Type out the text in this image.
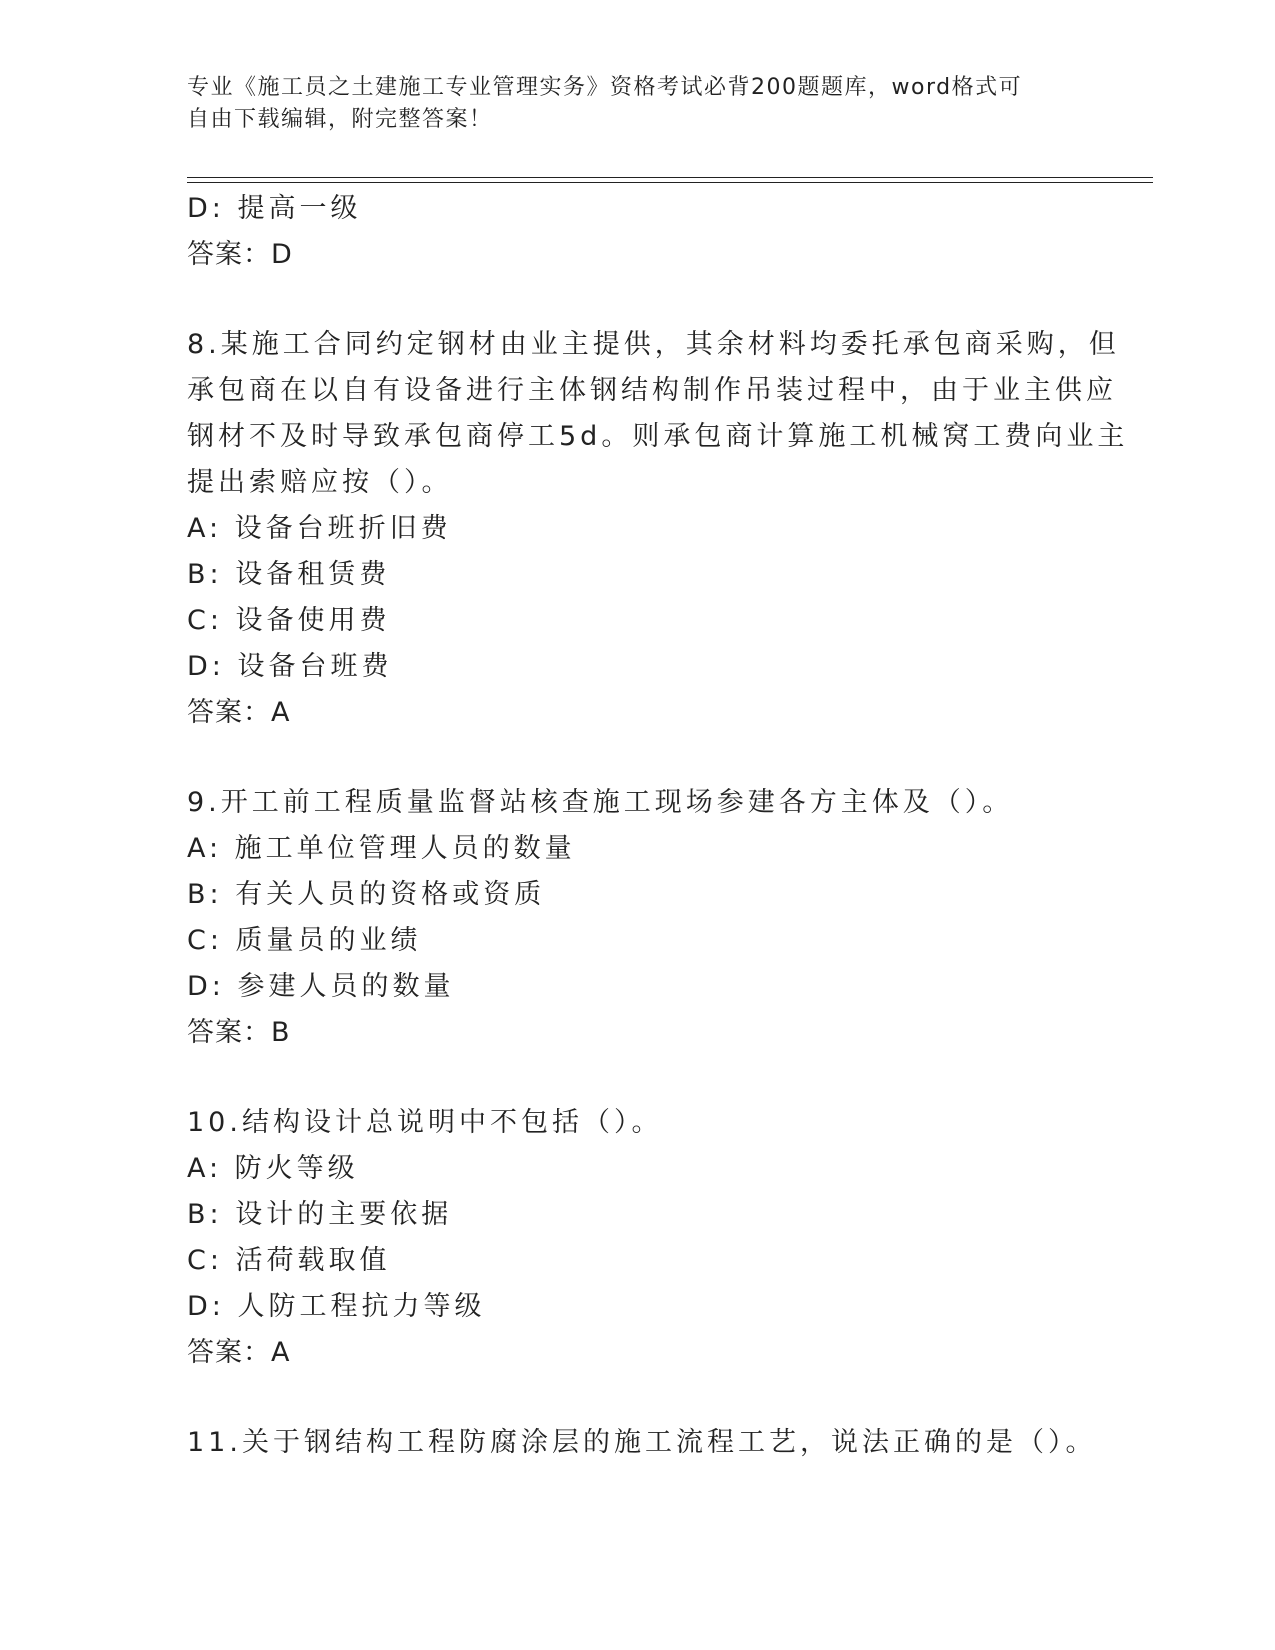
专业《施工员之土建施工专业管理实务》资格考试必背200题题库，word格式可
自由下载编辑，附完整答案！
D: 提高一级
答案：D
8.某施工合同约定钢材由业主提供，其余材料均委托承包商采购，但
承包商在以自有设备进行主体钢结构制作吊装过程中，由于业主供应
钢材不及时导致承包商停工5d。则承包商计算施工机械窝工费向业主
提出索赔应按（）。
A: 设备台班折旧费
B: 设备租赁费
C: 设备使用费
D: 设备台班费
答案：A
9.开工前工程质量监督站核查施工现场参建各方主体及（）。
A: 施工单位管理人员的数量
B: 有关人员的资格或资质
C: 质量员的业绩
D: 参建人员的数量
答案：B
10.结构设计总说明中不包括（）。
A: 防火等级
B: 设计的主要依据
C: 活荷载取值
D: 人防工程抗力等级
答案：A
11.关于钢结构工程防腐涂层的施工流程工艺，说法正确的是（）。
